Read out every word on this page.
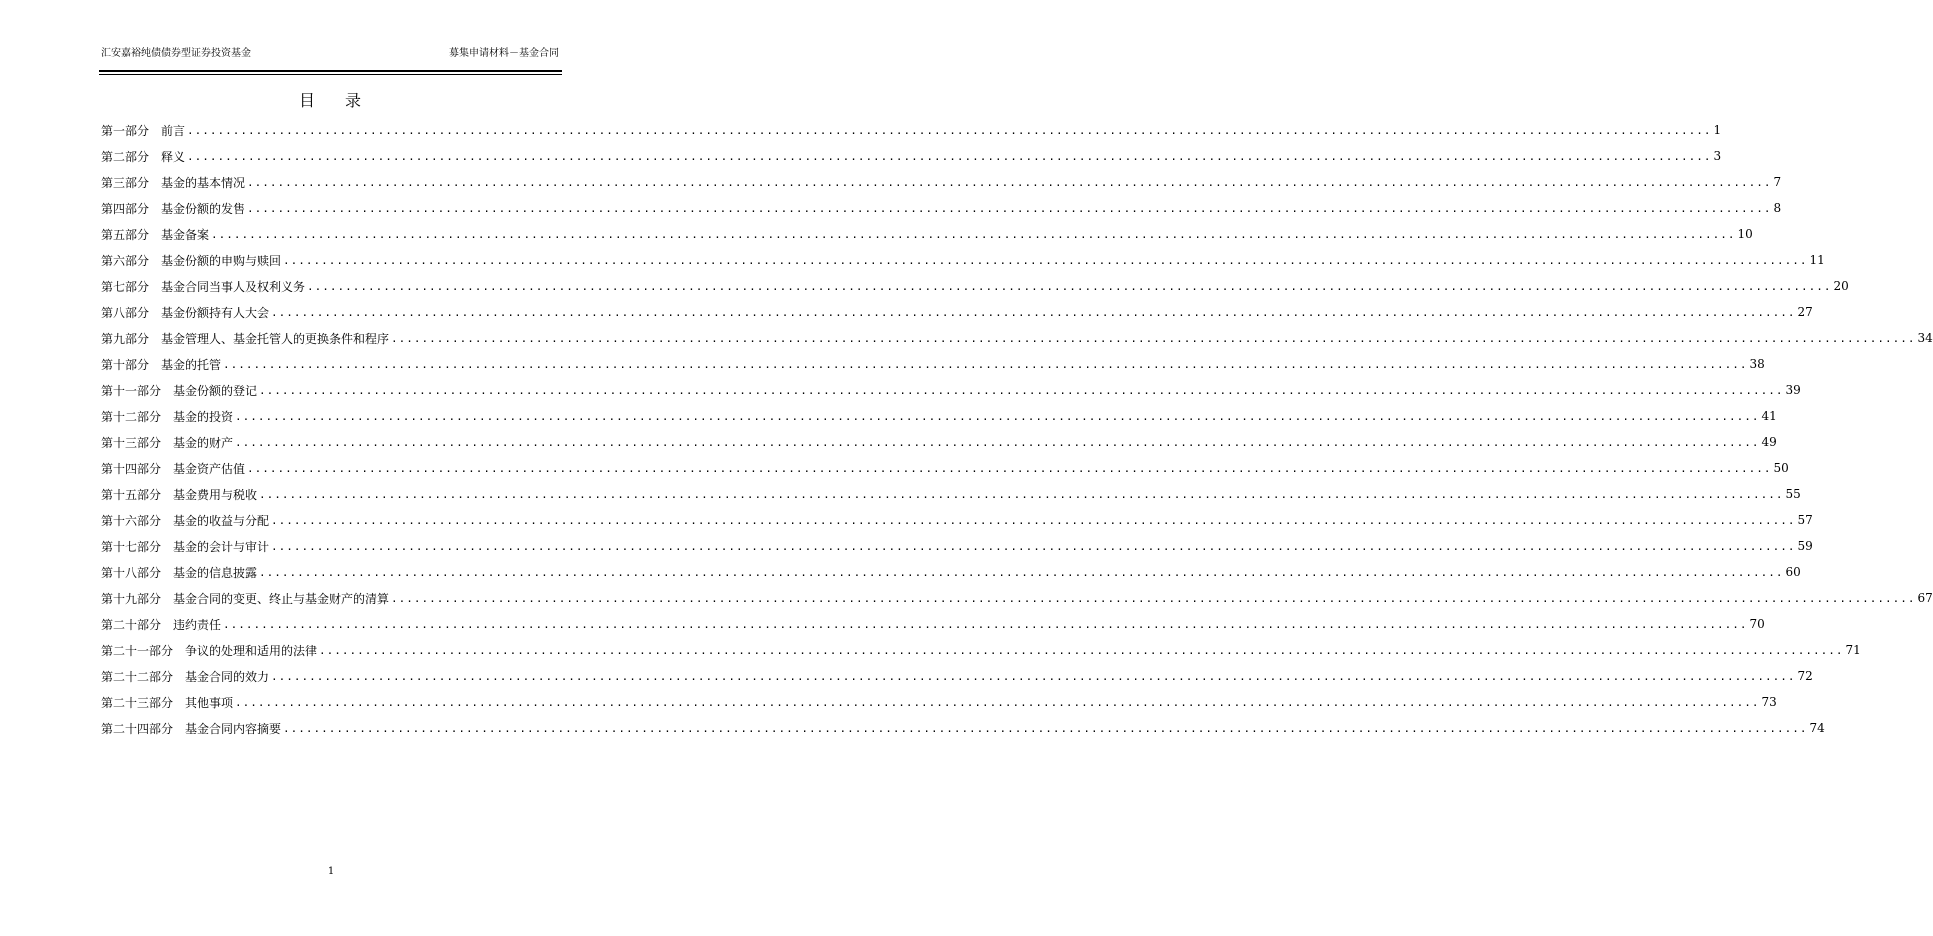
汇安嘉裕纯债债券型证券投资基金	募集申请材料－基金合同
目 录
第一部分 前言 ........................................................................................................................................................................................................ 1
第二部分 释义 ........................................................................................................................................................................................................ 3
第三部分 基金的基本情况 ........................................................................................................................................................................................................ 7
第四部分 基金份额的发售 ........................................................................................................................................................................................................ 8
第五部分 基金备案 ........................................................................................................................................................................................................ 10
第六部分 基金份额的申购与赎回 ........................................................................................................................................................................................................ 11
第七部分 基金合同当事人及权利义务 ........................................................................................................................................................................................................ 20
第八部分 基金份额持有人大会 ........................................................................................................................................................................................................ 27
第九部分 基金管理人、基金托管人的更换条件和程序 ........................................................................................................................................................................................................ 34
第十部分 基金的托管 ........................................................................................................................................................................................................ 38
第十一部分 基金份额的登记 ........................................................................................................................................................................................................ 39
第十二部分 基金的投资 ........................................................................................................................................................................................................ 41
第十三部分 基金的财产 ........................................................................................................................................................................................................ 49
第十四部分 基金资产估值 ........................................................................................................................................................................................................ 50
第十五部分 基金费用与税收 ........................................................................................................................................................................................................ 55
第十六部分 基金的收益与分配 ........................................................................................................................................................................................................ 57
第十七部分 基金的会计与审计 ........................................................................................................................................................................................................ 59
第十八部分 基金的信息披露 ........................................................................................................................................................................................................ 60
第十九部分 基金合同的变更、终止与基金财产的清算 ........................................................................................................................................................................................................ 67
第二十部分 违约责任 ........................................................................................................................................................................................................ 70
第二十一部分 争议的处理和适用的法律 ........................................................................................................................................................................................................ 71
第二十二部分 基金合同的效力 ........................................................................................................................................................................................................ 72
第二十三部分 其他事项 ........................................................................................................................................................................................................ 73
第二十四部分 基金合同内容摘要 ........................................................................................................................................................................................................ 74
1
